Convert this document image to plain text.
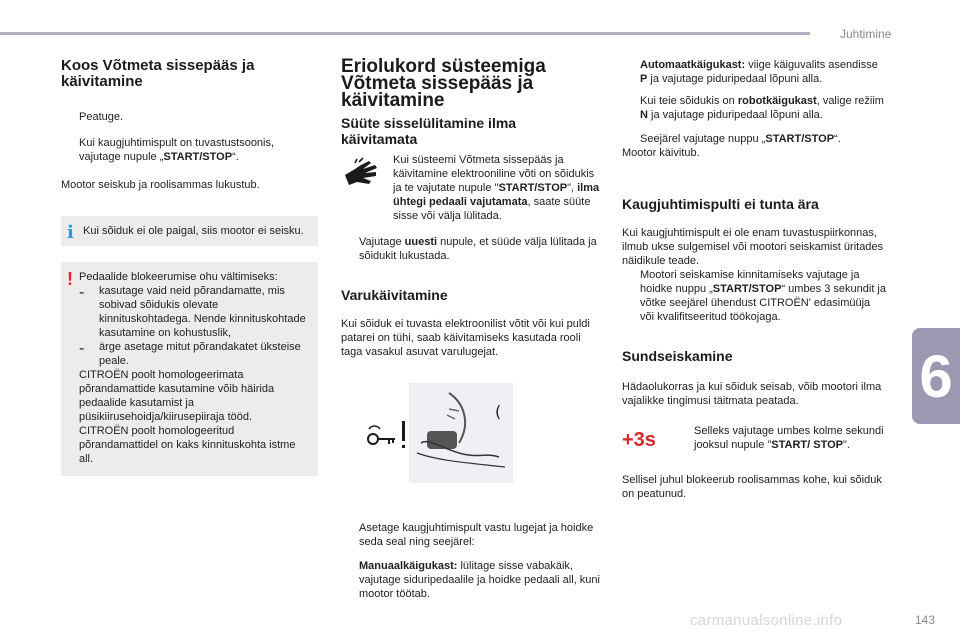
Juhtimine
6
carmanualsonline.info	143
Koos Võtmeta sissepääs ja käivitamine
Peatuge.
Kui kaugjuhtimispult on tuvastustsoonis, vajutage nupule „START/STOP“.

Mootor seiskub ja roolisammas lukustub.

i Kui sõiduk ei ole paigal, siis mootor ei seisku.

! Pedaalide blokeerumise ohu vältimiseks:

-	kasutage vaid neid põrandamatte, mis sobivad sõidukis olevate kinnituskohtadega. Nende kinnituskohtade kasutamine on kohustuslik,

-	ärge asetage mitut põrandakatet üksteise peale.

CITROËN poolt homologeerimata põrandamattide kasutamine võib häirida pedaalide kasutamist ja püsikiirusehoidja/kiirusepiiraja tööd.

CITROËN poolt homologeeritud põrandamattidel on kaks kinnituskohta istme all.

Eriolukord süsteemiga Võtmeta sissepääs ja käivitamine
Süüte sisselülitamine ilma käivitamata

Kui süsteemi Võtmeta sissepääs ja käivitamine elektrooniline võti on sõidukis ja te vajutate nupule "START/STOP", ilma ühtegi pedaali vajutamata, saate süüte sisse või välja lülitada.

Vajutage uuesti nupule, et süüde välja lülitada ja sõidukit lukustada.
Varukäivitamine

Kui sõiduk ei tuvasta elektroonilist võtit või kui puldi patarei on tühi, saab käivitamiseks kasutada rooli taga vasakul asuvat varulugejat.

(
Asetage kaugjuhtimispult vastu lugejat ja hoidke seda seal ning seejärel:
Manuaalkäigukast: lülitage sisse vabakäik, vajutage siduripedaalile ja hoidke pedaali all, kuni mootor töötab.
Automaatkäigukast: viige käiguvalits asendisse P ja vajutage piduripedaal lõpuni alla.
Kui teie sõidukis on robotkäigukast, valige režiim N ja vajutage piduripedaal lõpuni alla.
Seejärel vajutage nuppu „START/STOP“.

Mootor käivitub.

Kaugjuhtimispulti ei tunta ära

Kui kaugjuhtimispult ei ole enam tuvastuspiirkonnas, ilmub ukse sulgemisel või mootori seiskamist üritades näidikule teade.

Mootori seiskamise kinnitamiseks vajutage ja hoidke nuppu „START/STOP“ umbes 3 sekundit ja võtke seejärel ühendust CITROËN' edasimüüja või kvalifitseeritud töökojaga.
Sundseiskamine

Hädaolukorras ja kui sõiduk seisab, võib mootori ilma vajalikke tingimusi täitmata peatada.

+3s	Selleks vajutage umbes kolme sekundi jooksul nupule "START/ STOP".

Sellisel juhul blokeerub roolisammas kohe, kui sõiduk on peatunud.
